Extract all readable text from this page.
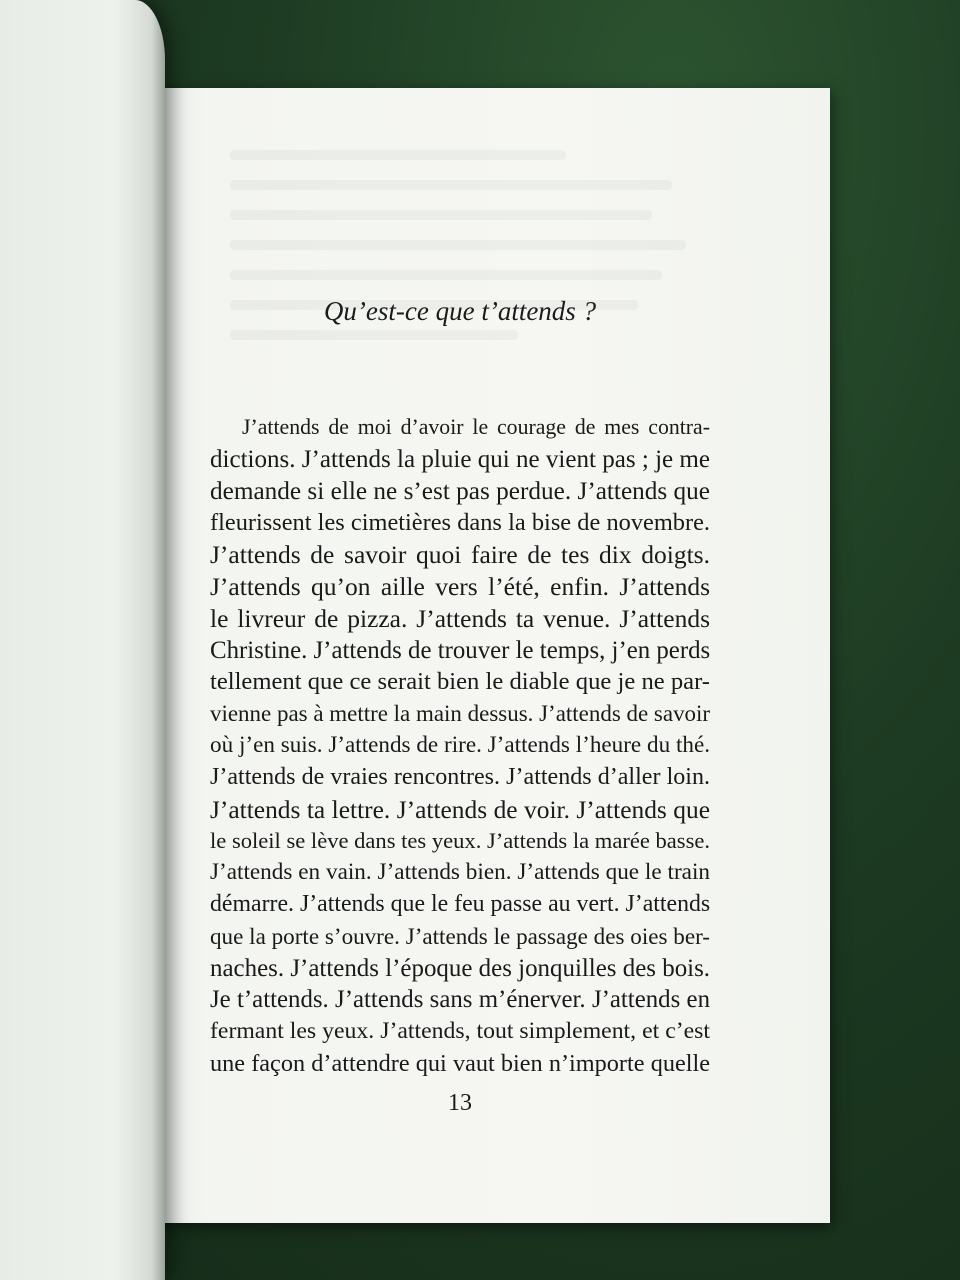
Qu’est-ce que t’attends ?
J’attends de moi d’avoir le courage de mes contra-
dictions. J’attends la pluie qui ne vient pas ; je me
demande si elle ne s’est pas perdue. J’attends que
fleurissent les cimetières dans la bise de novembre.
J’attends de savoir quoi faire de tes dix doigts.
J’attends qu’on aille vers l’été, enfin. J’attends
le livreur de pizza. J’attends ta venue. J’attends
Christine. J’attends de trouver le temps, j’en perds
tellement que ce serait bien le diable que je ne par-
vienne pas à mettre la main dessus. J’attends de savoir
où j’en suis. J’attends de rire. J’attends l’heure du thé.
J’attends de vraies rencontres. J’attends d’aller loin.
J’attends ta lettre. J’attends de voir. J’attends que
le soleil se lève dans tes yeux. J’attends la marée basse.
J’attends en vain. J’attends bien. J’attends que le train
démarre. J’attends que le feu passe au vert. J’attends
que la porte s’ouvre. J’attends le passage des oies ber-
naches. J’attends l’époque des jonquilles des bois.
Je t’attends. J’attends sans m’énerver. J’attends en
fermant les yeux. J’attends, tout simplement, et c’est
une façon d’attendre qui vaut bien n’importe quelle

13
